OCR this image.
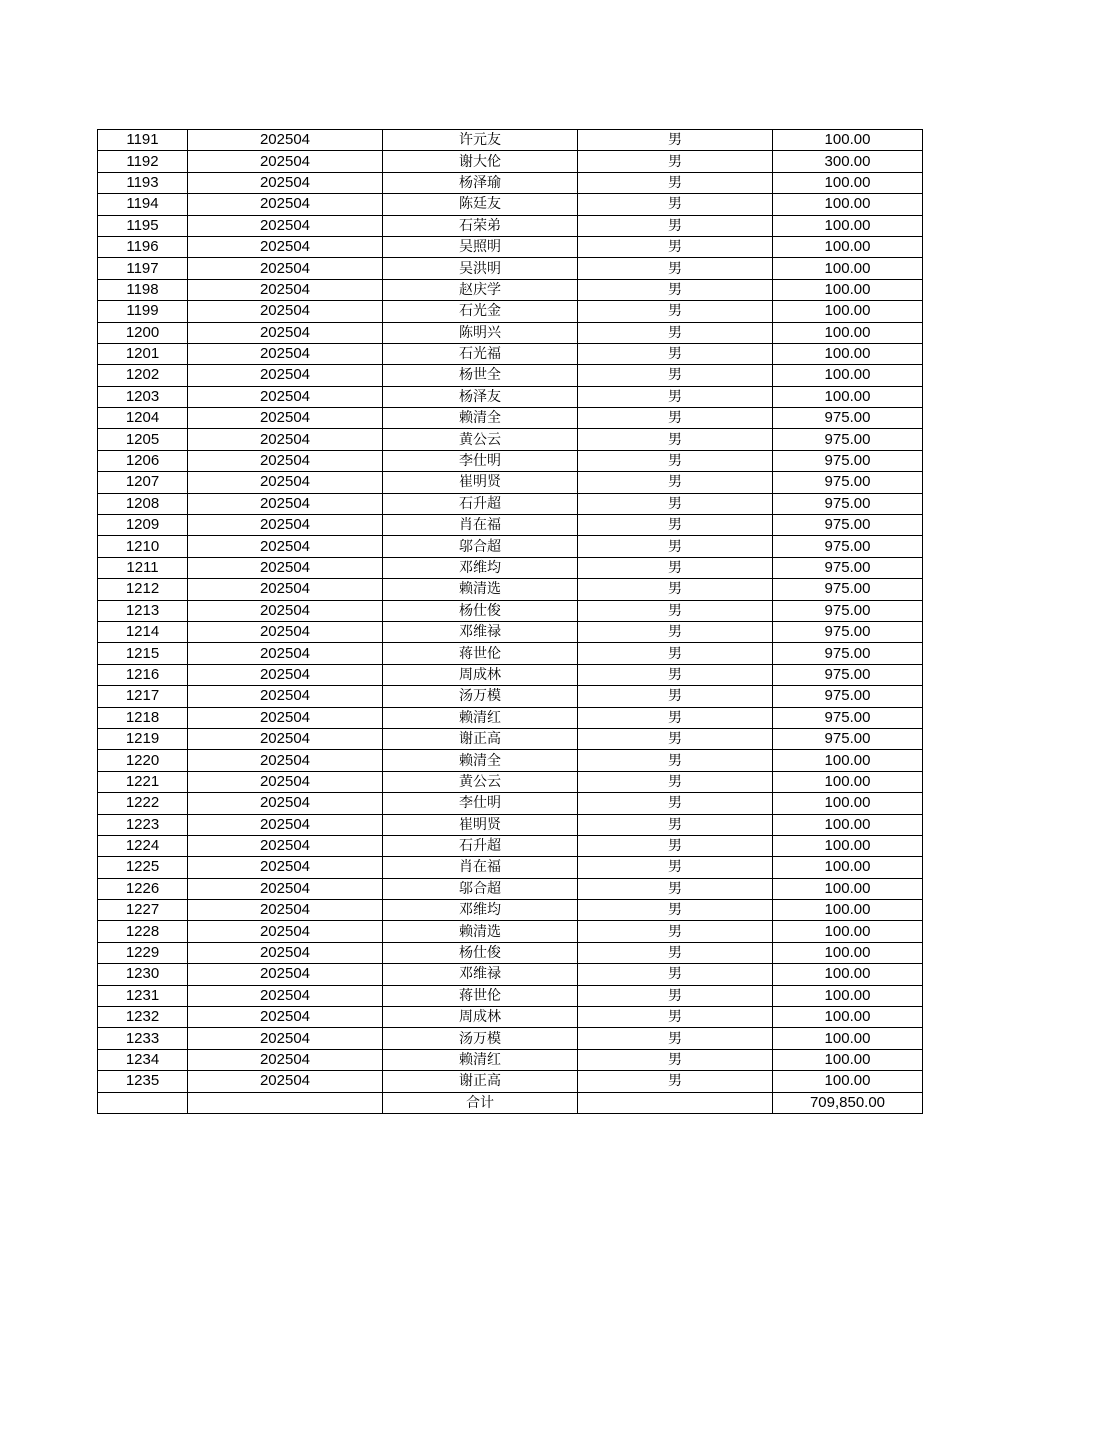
1191	202504	许元友	男	100.00
1192	202504	谢大伦	男	300.00
1193	202504	杨泽瑜	男	100.00
1194	202504	陈廷友	男	100.00
1195	202504	石荣弟	男	100.00
1196	202504	吴照明	男	100.00
1197	202504	吴洪明	男	100.00
1198	202504	赵庆学	男	100.00
1199	202504	石光金	男	100.00
1200	202504	陈明兴	男	100.00
1201	202504	石光福	男	100.00
1202	202504	杨世全	男	100.00
1203	202504	杨泽友	男	100.00
1204	202504	赖清全	男	975.00
1205	202504	黄公云	男	975.00
1206	202504	李仕明	男	975.00
1207	202504	崔明贤	男	975.00
1208	202504	石升超	男	975.00
1209	202504	肖在福	男	975.00
1210	202504	邬合超	男	975.00
1211	202504	邓维均	男	975.00
1212	202504	赖清选	男	975.00
1213	202504	杨仕俊	男	975.00
1214	202504	邓维禄	男	975.00
1215	202504	蒋世伦	男	975.00
1216	202504	周成林	男	975.00
1217	202504	汤万模	男	975.00
1218	202504	赖清红	男	975.00
1219	202504	谢正高	男	975.00
1220	202504	赖清全	男	100.00
1221	202504	黄公云	男	100.00
1222	202504	李仕明	男	100.00
1223	202504	崔明贤	男	100.00
1224	202504	石升超	男	100.00
1225	202504	肖在福	男	100.00
1226	202504	邬合超	男	100.00
1227	202504	邓维均	男	100.00
1228	202504	赖清选	男	100.00
1229	202504	杨仕俊	男	100.00
1230	202504	邓维禄	男	100.00
1231	202504	蒋世伦	男	100.00
1232	202504	周成林	男	100.00
1233	202504	汤万模	男	100.00
1234	202504	赖清红	男	100.00
1235	202504	谢正高	男	100.00
		合计		709,850.00
